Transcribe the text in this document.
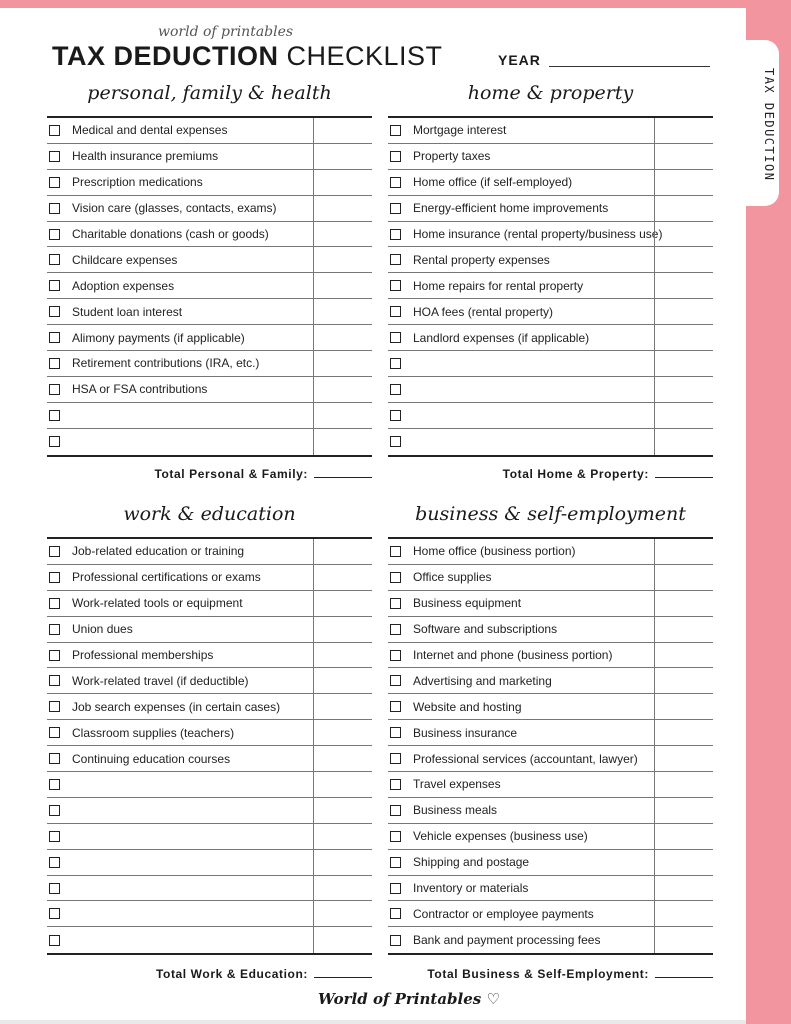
TAX DEDUCTION
world of printables
TAX DEDUCTION CHECKLIST	YEAR
personal, family & health
Medical and dental expenses
Health insurance premiums
Prescription medications
Vision care (glasses, contacts, exams)
Charitable donations (cash or goods)
Childcare expenses
Adoption expenses
Student loan interest
Alimony payments (if applicable)
Retirement contributions (IRA, etc.)
HSA or FSA contributions
Total Personal & Family:
home & property
Mortgage interest
Property taxes
Home office (if self-employed)
Energy-efficient home improvements
Home insurance (rental property/business use)
Rental property expenses
Home repairs for rental property
HOA fees (rental property)
Landlord expenses (if applicable)
Total Home & Property:
work & education
Job-related education or training
Professional certifications or exams
Work-related tools or equipment
Union dues
Professional memberships
Work-related travel (if deductible)
Job search expenses (in certain cases)
Classroom supplies (teachers)
Continuing education courses
Total Work & Education:
business & self-employment
Home office (business portion)
Office supplies
Business equipment
Software and subscriptions
Internet and phone (business portion)
Advertising and marketing
Website and hosting
Business insurance
Professional services (accountant, lawyer)
Travel expenses
Business meals
Vehicle expenses (business use)
Shipping and postage
Inventory or materials
Contractor or employee payments
Bank and payment processing fees
Total Business & Self-Employment:
World of Printables ♡
